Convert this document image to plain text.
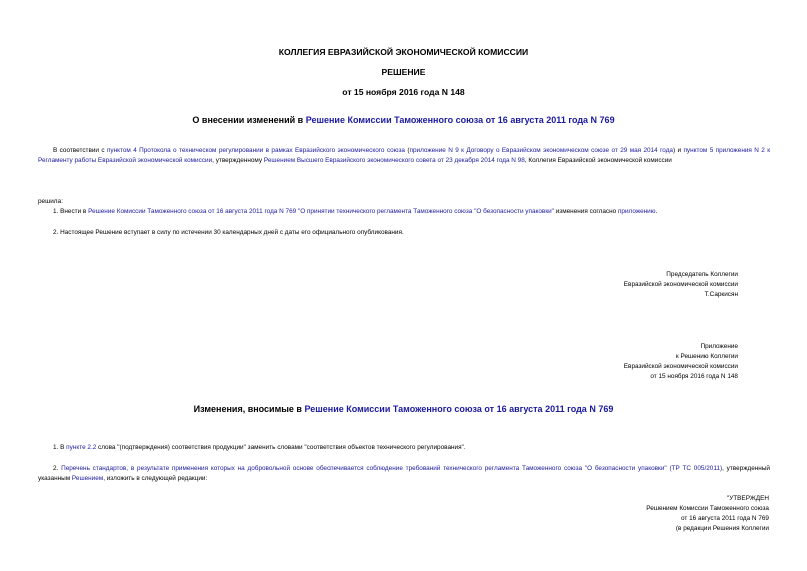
КОЛЛЕГИЯ ЕВРАЗИЙСКОЙ ЭКОНОМИЧЕСКОЙ КОМИССИИ
РЕШЕНИЕ
от 15 ноября 2016 года N 148
О внесении изменений в Решение Комиссии Таможенного союза от 16 августа 2011 года N 769
В соответствии с пунктом 4 Протокола о техническом регулировании в рамках Евразийского экономического союза (приложение N 9 к Договору о Евразийском экономическом союзе от 29 мая 2014 года) и пунктом 5 приложения N 2 к Регламенту работы Евразийской экономической комиссии, утвержденному Решением Высшего Евразийского экономического совета от 23 декабря 2014 года N 98, Коллегия Евразийской экономической комиссии
решила:
1. Внести в Решение Комиссии Таможенного союза от 16 августа 2011 года N 769 "О принятии технического регламента Таможенного союза "О безопасности упаковки" изменения согласно приложению.
2. Настоящее Решение вступает в силу по истечении 30 календарных дней с даты его официального опубликования.
Председатель Коллегии
Евразийской экономической комиссии
Т.Саркисян
Приложение
к Решению Коллегии
Евразийской экономической комиссии
от 15 ноября 2016 года N 148
Изменения, вносимые в Решение Комиссии Таможенного союза от 16 августа 2011 года N 769
1. В пункте 2.2 слова "(подтверждения) соответствия продукции" заменить словами "соответствия объектов технического регулирования".
2. Перечень стандартов, в результате применения которых на добровольной основе обеспечивается соблюдение требований технического регламента Таможенного союза "О безопасности упаковки" (ТР ТС 005/2011), утвержденный указанным Решением, изложить в следующей редакции:
"УТВЕРЖДЕН
Решением Комиссии Таможенного союза
от 16 августа 2011 года N 769
(в редакции Решения Коллегии
